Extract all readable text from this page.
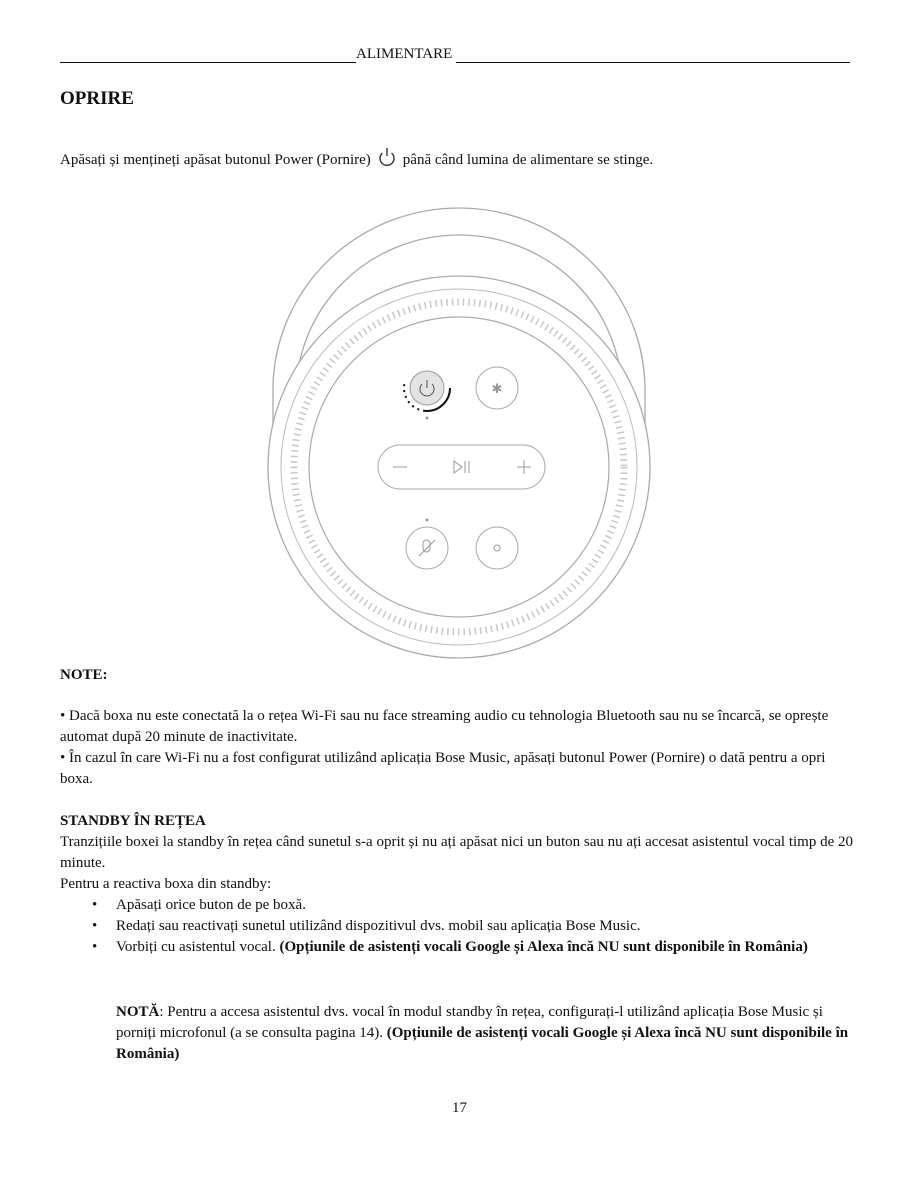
ALIMENTARE
OPRIRE
Apăsați și mențineți apăsat butonul Power (Pornire) până când lumina de alimentare se stinge.
✱
NOTE:
• Dacă boxa nu este conectată la o rețea Wi-Fi sau nu face streaming audio cu tehnologia Bluetooth sau nu se încarcă, se oprește automat după 20 minute de inactivitate.
• În cazul în care Wi-Fi nu a fost configurat utilizând aplicația Bose Music, apăsați butonul Power (Pornire) o dată pentru a opri boxa.
STANDBY ÎN REȚEA
Tranzițiile boxei la standby în rețea când sunetul s-a oprit și nu ați apăsat nici un buton sau nu ați accesat asistentul vocal timp de 20 minute.
Pentru a reactiva boxa din standby:
• Apăsați orice buton de pe boxă.
• Redați sau reactivați sunetul utilizând dispozitivul dvs. mobil sau aplicația Bose Music.
• Vorbiți cu asistentul vocal. (Opțiunile de asistenți vocali Google și Alexa încă NU sunt disponibile în România)
NOTĂ: Pentru a accesa asistentul dvs. vocal în modul standby în rețea, configurați-l utilizând aplicația Bose Music și porniți microfonul (a se consulta pagina 14). (Opțiunile de asistenți vocali Google și Alexa încă NU sunt disponibile în România)
17
